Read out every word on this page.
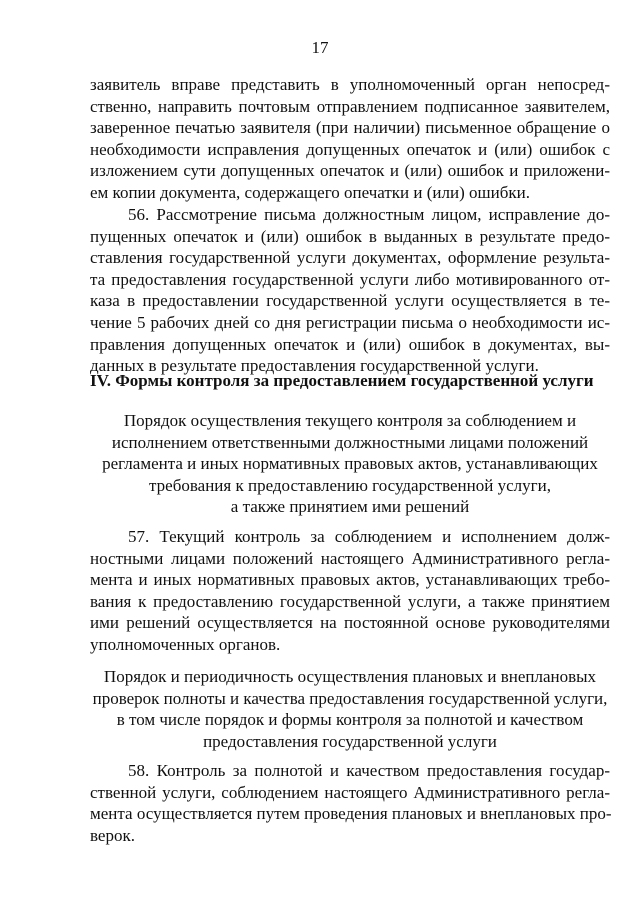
17
заявитель вправе представить в уполномоченный орган непосред-
ственно, направить почтовым отправлением подписанное заявителем,
заверенное печатью заявителя (при наличии) письменное обращение о
необходимости исправления допущенных опечаток и (или) ошибок с
изложением сути допущенных опечаток и (или) ошибок и приложени-
ем копии документа, содержащего опечатки и (или) ошибки.
56. Рассмотрение письма должностным лицом, исправление до-
пущенных опечаток и (или) ошибок в выданных в результате предо-
ставления государственной услуги документах, оформление результа-
та предоставления государственной услуги либо мотивированного от-
каза в предоставлении государственной услуги осуществляется в те-
чение 5 рабочих дней со дня регистрации письма о необходимости ис-
правления допущенных опечаток и (или) ошибок в документах, вы-
данных в результате предоставления государственной услуги.
IV. Формы контроля за предоставлением государственной услуги
Порядок осуществления текущего контроля за соблюдением и
исполнением ответственными должностными лицами положений
регламента и иных нормативных правовых актов, устанавливающих
требования к предоставлению государственной услуги,
а также принятием ими решений
57. Текущий контроль за соблюдением и исполнением долж-
ностными лицами положений настоящего Административного регла-
мента и иных нормативных правовых актов, устанавливающих требо-
вания к предоставлению государственной услуги, а также принятием
ими решений осуществляется на постоянной основе руководителями
уполномоченных органов.
Порядок и периодичность осуществления плановых и внеплановых
проверок полноты и качества предоставления государственной услуги,
в том числе порядок и формы контроля за полнотой и качеством
предоставления государственной услуги
58. Контроль за полнотой и качеством предоставления государ-
ственной услуги, соблюдением настоящего Административного регла-
мента осуществляется путем проведения плановых и внеплановых про-
верок.
